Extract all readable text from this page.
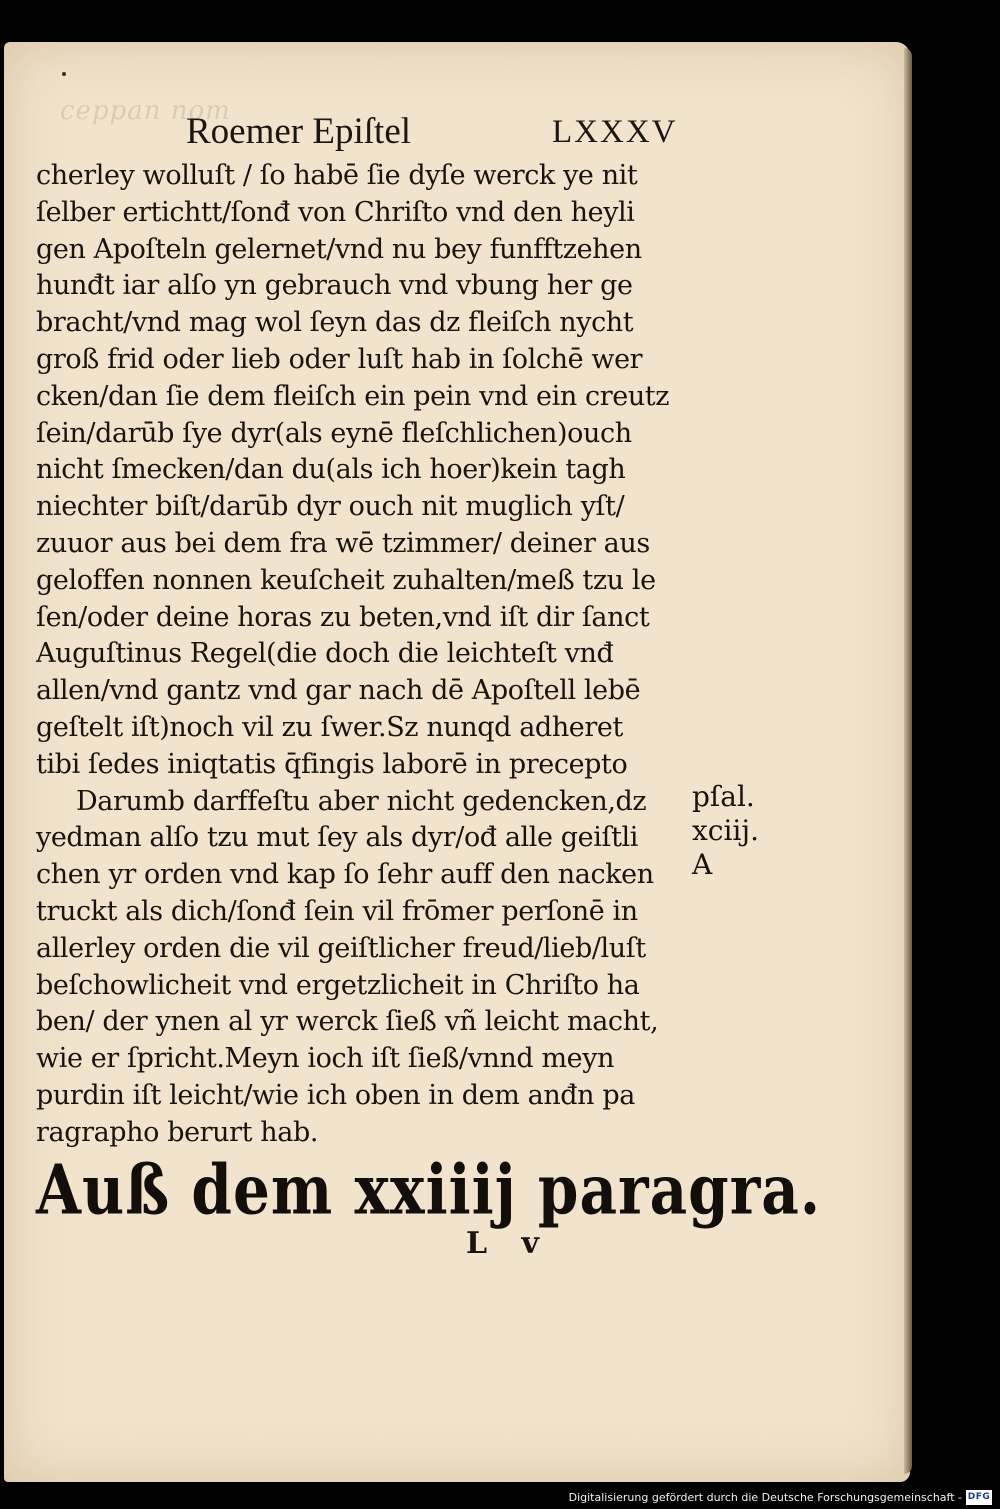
ceppan nom
Roemer Epiſtel	LXXXV
cherley wolluſt / ſo habē ſie dyſe werck ye nit
ſelber ertichtt/ſonđ von Chriſto vnd den heyli
gen Apoſteln gelernet/vnd nu bey funfftzehen
hunđt iar alſo yn gebrauch vnd vbung her ge
bracht/vnd mag wol ſeyn das dz fleiſch nycht
groß frid oder lieb oder luſt hab in ſolchē wer
cken/dan ſie dem fleiſch ein pein vnd ein creutz
ſein/darūb ſye dyr(als eynē fleſchlichen)ouch
nicht ſmecken/dan du(als ich hoer)kein tagh
niechter biſt/darūb dyr ouch nit muglich yſt/
zuuor aus bei dem fra wē tzimmer/ deiner aus
geloffen nonnen keuſcheit zuhalten/meß tzu le
ſen/oder deine horas zu beten,vnd iſt dir ſanct
Auguſtinus Regel(die doch die leichteſt vnđ
allen/vnd gantz vnd gar nach dē Apoſtell lebē
geſtelt iſt)noch vil zu ſwer.Sz nunqd adheret
tibi ſedes iniqtatis q̄fingis laborē in precepto
Darumb darffeſtu aber nicht gedencken,dz
yedman alſo tzu mut ſey als dyr/ođ alle geiſtli
chen yr orden vnd kap ſo ſehr auff den nacken
truckt als dich/ſonđ ſein vil frōmer perſonē in
allerley orden die vil geiſtlicher freud/lieb/luſt
beſchowlicheit vnd ergetzlicheit in Chriſto ha
ben/ der ynen al yr werck ſieß vñ leicht macht,
wie er ſpricht.Meyn ioch iſt ſieß/vnnd meyn
purdin iſt leicht/wie ich oben in dem anđn pa
ragrapho berurt hab.
pſal.
xciij.
A
Auß dem xxiiij paragra.
L v
Digitalisierung gefördert durch die Deutsche Forschungsgemeinschaft - DFG
